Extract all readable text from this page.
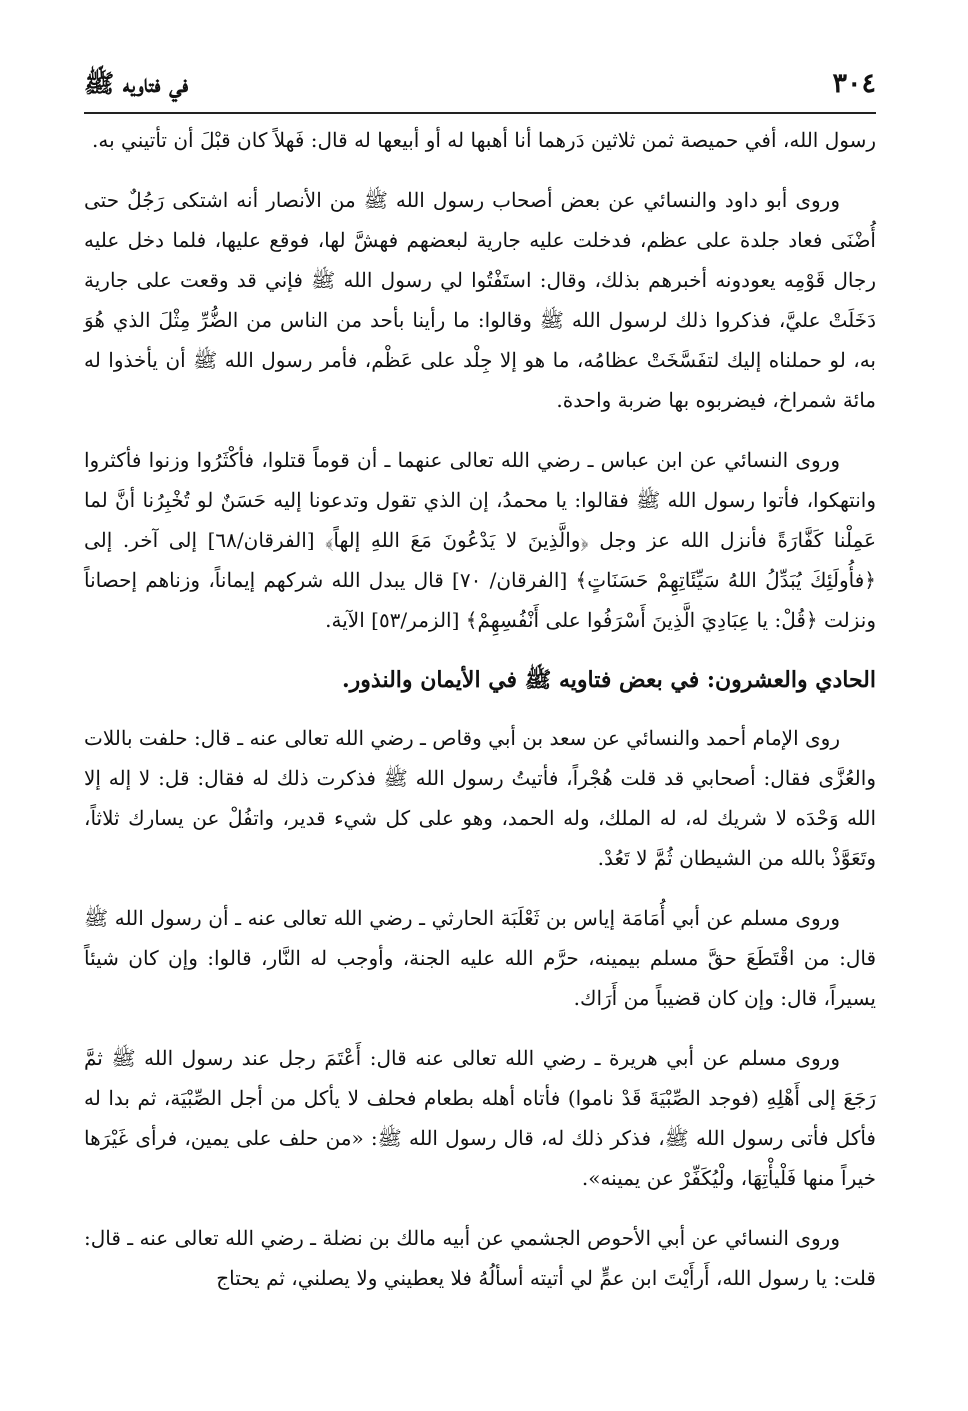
٣٠٤
في فتاويه ﷺ

رسول الله، أفي حميصة ثمن ثلاثين دَرهما أنا أهبها له أو أبيعها له قال: فَهلاً كان قبْلَ أن تأتيني به.

وروى أبو داود والنسائي عن بعض أصحاب رسول الله ﷺ من الأنصار أنه اشتكى رَجُلٌ حتى أُضْنَى فعاد جلدة على عظم، فدخلت عليه جارية لبعضهم فهشَّ لها، فوقع عليها، فلما دخل عليه رجال قَوْمِه يعودونه أخبرهم بذلك، وقال: استَفْتُوا لي رسول الله ﷺ فإني قد وقعت على جارية دَخَلَتْ عليَّ، فذكروا ذلك لرسول الله ﷺ وقالوا: ما رأينا بأحد من الناس من الضُّرِّ مِثْلَ الذي هُوَ به، لو حملناه إليك لتفَسَّخَتْ عظامُه، ما هو إلا جِلْد على عَظْم، فأمر رسول الله ﷺ أن يأخذوا له مائة شمراخ، فيضربوه بها ضربة واحدة.

وروى النسائي عن ابن عباس ـ رضي الله تعالى عنهما ـ أن قوماً قتلوا، فأكْثَرُوا وزنوا فأكثروا وانتهكوا، فأتوا رسول الله ﷺ فقالوا: يا محمدُ، إن الذي تقول وتدعونا إليه حَسَنٌ لو تُخْبِرُنا أنَّ لما عَمِلْنا كَفَّارَةً فأنزل الله عز وجل ﴿والَّذِينَ لا يَدْعُونَ مَعَ اللهِ إلهاً﴾ [الفرقان/٦٨] إلى آخر. إلى ﴿فأُولَئِكَ يُبَدِّلُ اللهُ سَيِّئَاتِهِمْ حَسَنَاتٍ﴾ [الفرقان/ ٧٠] قال يبدل الله شركهم إيماناً، وزناهم إحصاناً ونزلت ﴿قُلْ: يا عِبَادِيَ الَّذِينَ أَسْرَفُوا على أَنْفُسِهِمْ﴾ [الزمر/٥٣] الآية.

الحادي والعشرون: في بعض فتاويه ﷺ في الأيمان والنذور.

روى الإمام أحمد والنسائي عن سعد بن أبي وقاص ـ رضي الله تعالى عنه ـ قال: حلفت باللات والعُزَّى فقال: أصحابي قد قلت هُجْراً، فأتيتُ رسول الله ﷺ فذكرت ذلك له فقال: قل: لا إله إلا الله وَحْدَه لا شريك له، له الملك، وله الحمد، وهو على كل شيء قدير، واتفُلْ عن يسارك ثلاثاً، وتَعَوَّذْ بالله من الشيطان ثُمَّ لا تَعُدْ.

وروى مسلم عن أبي أُمَامَة إياس بن ثَعْلَبَة الحارثي ـ رضي الله تعالى عنه ـ أن رسول الله ﷺ قال: من اقْتَطَعَ حقَّ مسلم بيمينه، حرَّم الله عليه الجنة، وأوجب له النَّار، قالوا: وإن كان شيئاً يسيراً، قال: وإن كان قضيباً من أَرَاك.

وروى مسلم عن أبي هريرة ـ رضي الله تعالى عنه قال: أَعْتَمَ رجل عند رسول الله ﷺ ثمَّ رَجَعَ إلى أَهْلِهِ (فوجد الصِّبْيَةَ قَدْ ناموا) فأتاه أهله بطعام فحلف لا يأكل من أجل الصِّبْيَة، ثم بدا له فأكل فأتى رسول الله ﷺ، فذكر ذلك له، قال رسول الله ﷺ: «من حلف على يمين، فرأى غَيْرَها خيراً منها فَلْيأْتِهَا، ولْيُكَفِّرْ عن يمينه».

وروى النسائي عن أبي الأحوص الجشمي عن أبيه مالك بن نضلة ـ رضي الله تعالى عنه ـ قال: قلت: يا رسول الله، أَرأَيْتَ ابن عمٍّ لي أتيته أسألُهُ فلا يعطيني ولا يصلني، ثم يحتاج
